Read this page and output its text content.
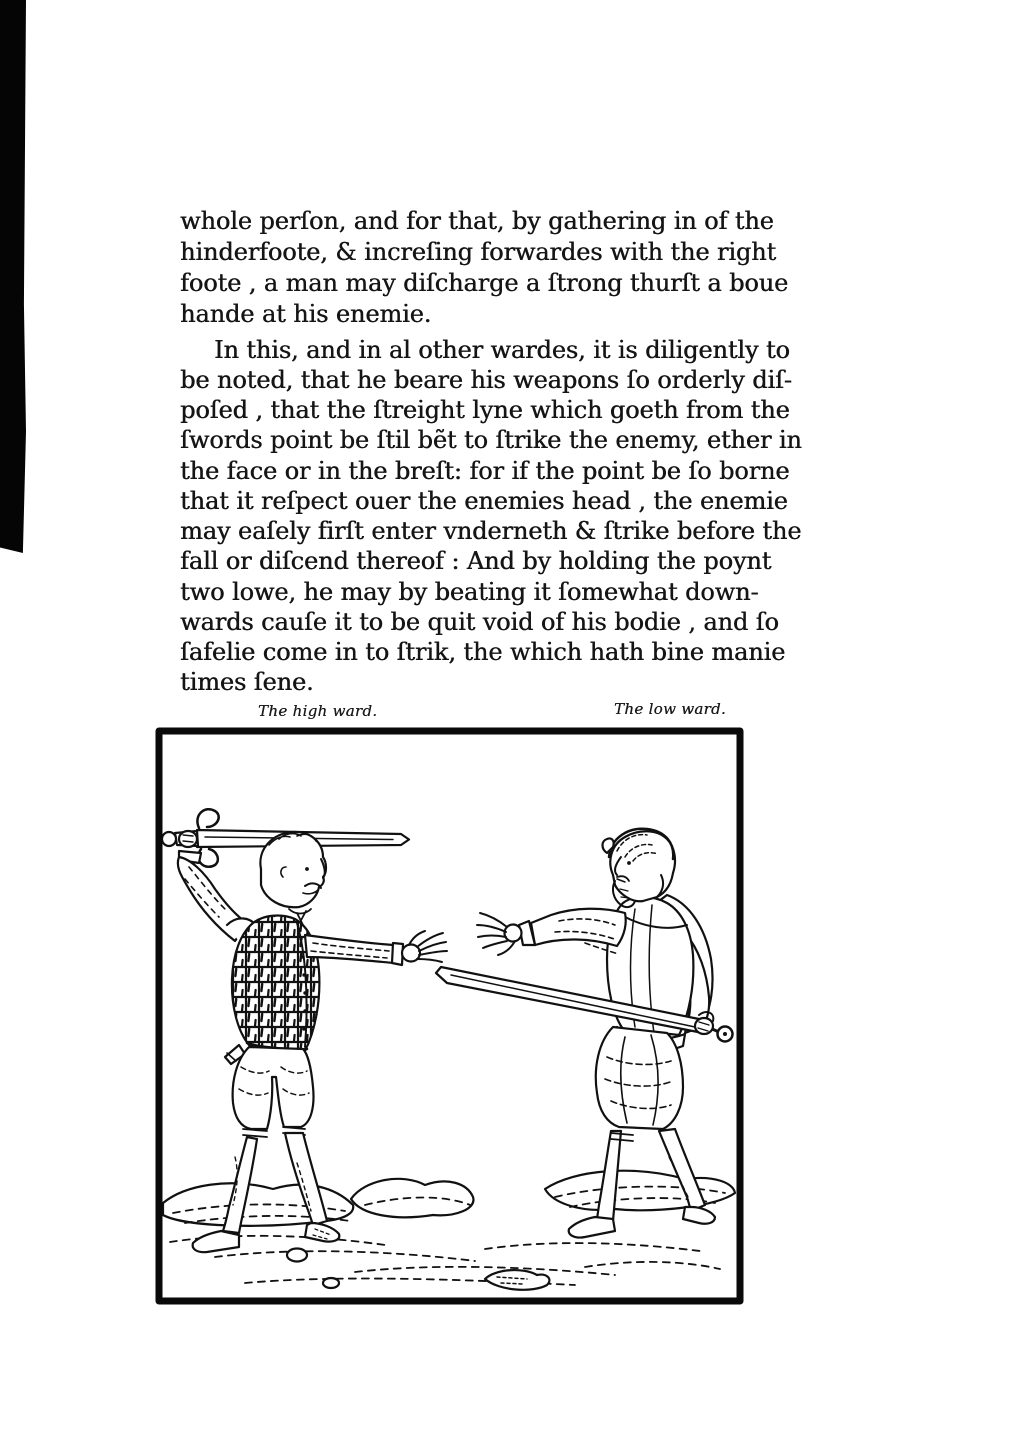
whole perſon, and for that, by gathering in of the
hinderfoote, & increſing forwardes with the right
foote , a man may diſcharge a ſtrong thurſt a boue
hande at his enemie.
In this, and in al other wardes, it is diligently to
be noted, that he beare his weapons ſo orderly diſ-
poſed , that the ſtreight lyne which goeth from the
ſwords point be ſtil bẽt to ſtrike the enemy, ether in
the face or in the breſt: for if the point be ſo borne
that it reſpect ouer the enemies head , the enemie
may eaſely firſt enter vnderneth & ſtrike before the
fall or diſcend thereof : And by holding the poynt
two lowe, he may by beating it ſomewhat down-
wards cauſe it to be quit void of his bodie , and ſo
ſafelie come in to ſtrik, the which hath bine manie
times ſene.
The high ward.	The low ward.
